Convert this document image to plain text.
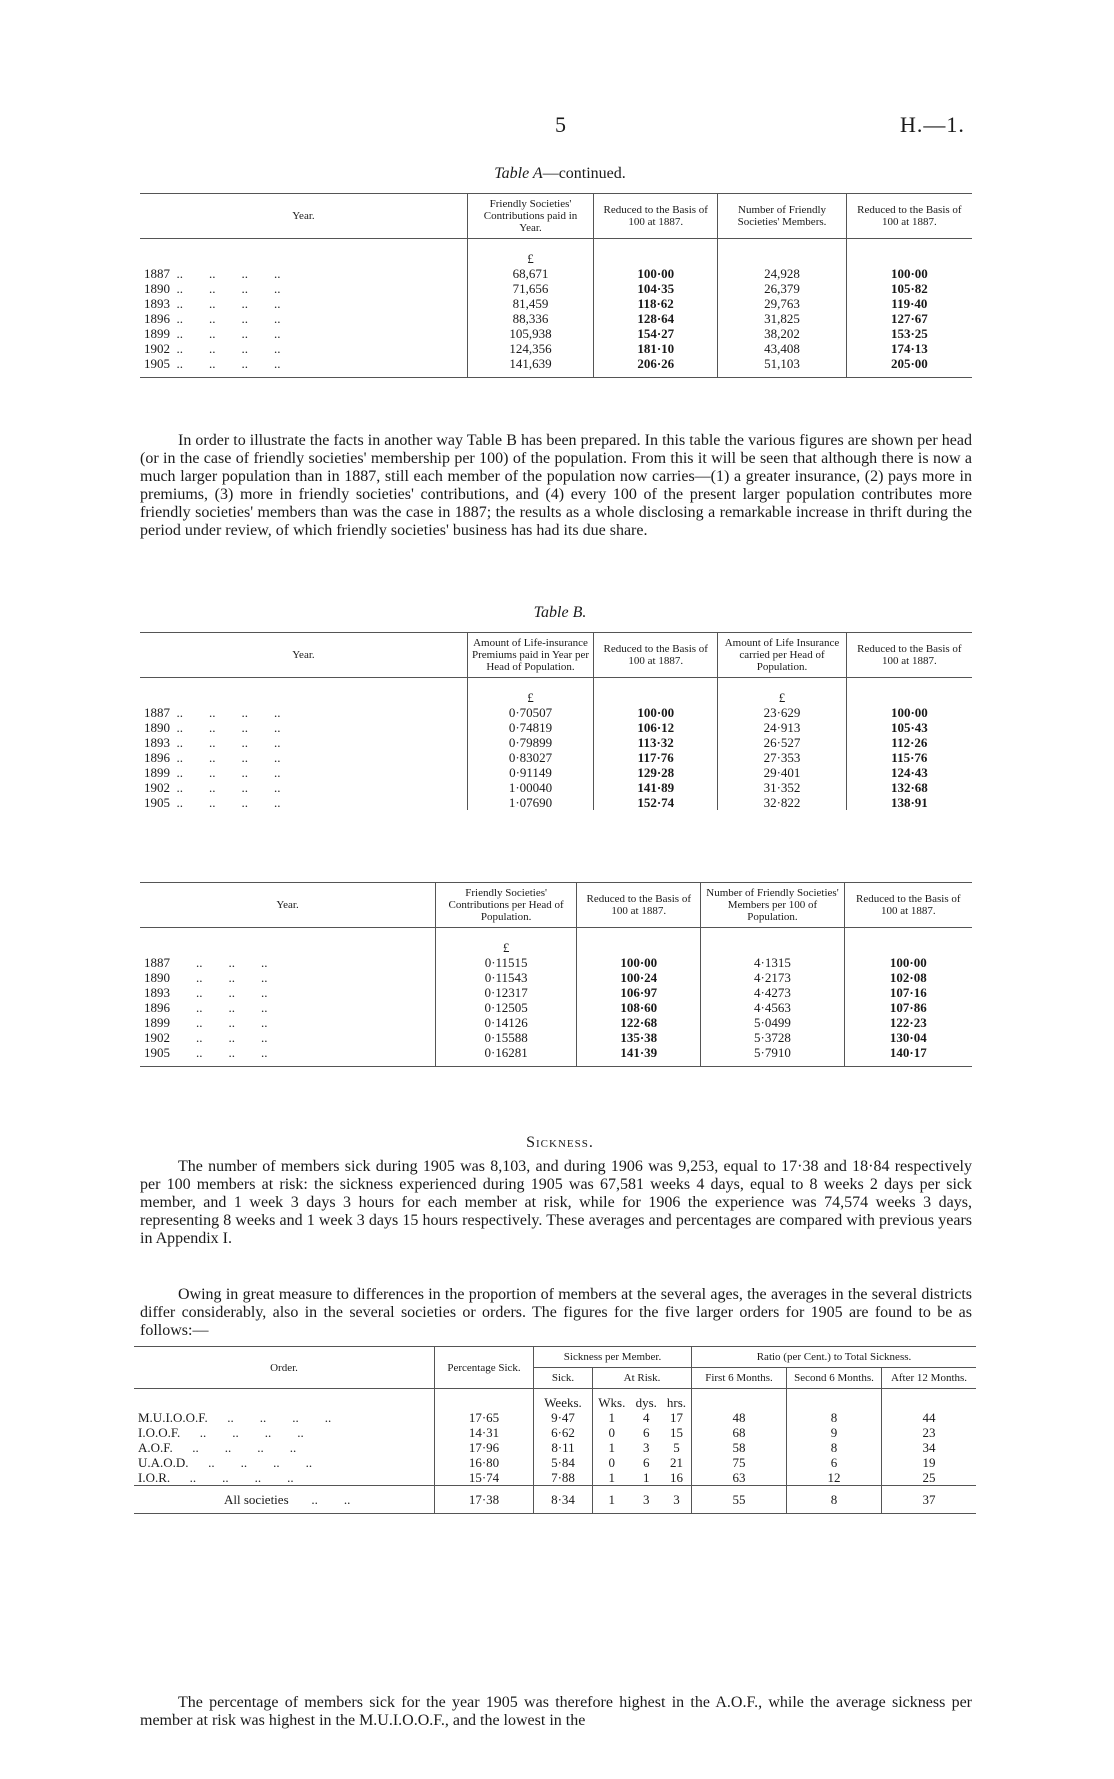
5	H.—1.
Table A—continued.
Year.	Friendly Societies' Contributions paid in Year.	Reduced to the Basis of 100 at 1887.	Number of Friendly Societies' Members.	Reduced to the Basis of 100 at 1887.
	£			
1887  ..        ..        ..        ..	68,671	100·00	24,928	100·00
1890  ..        ..        ..        ..	71,656	104·35	26,379	105·82
1893  ..        ..        ..        ..	81,459	118·62	29,763	119·40
1896  ..        ..        ..        ..	88,336	128·64	31,825	127·67
1899  ..        ..        ..        ..	105,938	154·27	38,202	153·25
1902  ..        ..        ..        ..	124,356	181·10	43,408	174·13
1905  ..        ..        ..        ..	141,639	206·26	51,103	205·00

In order to illustrate the facts in another way Table B has been prepared. In this table the various figures are shown per head (or in the case of friendly societies' membership per 100) of the population. From this it will be seen that although there is now a much larger population than in 1887, still each member of the population now carries—(1) a greater insurance, (2) pays more in premiums, (3) more in friendly societies' contributions, and (4) every 100 of the present larger population contributes more friendly societies' members than was the case in 1887; the results as a whole disclosing a remarkable increase in thrift during the period under review, of which friendly societies' business has had its due share.

Table B.
Year.	Amount of Life-insurance Premiums paid in Year per Head of Population.	Reduced to the Basis of 100 at 1887.	Amount of Life Insurance carried per Head of Population.	Reduced to the Basis of 100 at 1887.
	£		£	
1887  ..        ..        ..        ..	0·70507	100·00	23·629	100·00
1890  ..        ..        ..        ..	0·74819	106·12	24·913	105·43
1893  ..        ..        ..        ..	0·79899	113·32	26·527	112·26
1896  ..        ..        ..        ..	0·83027	117·76	27·353	115·76
1899  ..        ..        ..        ..	0·91149	129·28	29·401	124·43
1902  ..        ..        ..        ..	1·00040	141·89	31·352	132·68
1905  ..        ..        ..        ..	1·07690	152·74	32·822	138·91
Year.	Friendly Societies' Contributions per Head of Population.	Reduced to the Basis of 100 at 1887.	Number of Friendly Societies' Members per 100 of Population.	Reduced to the Basis of 100 at 1887.
	£			
1887        ..        ..        ..	0·11515	100·00	4·1315	100·00
1890        ..        ..        ..	0·11543	100·24	4·2173	102·08
1893        ..        ..        ..	0·12317	106·97	4·4273	107·16
1896        ..        ..        ..	0·12505	108·60	4·4563	107·86
1899        ..        ..        ..	0·14126	122·68	5·0499	122·23
1902        ..        ..        ..	0·15588	135·38	5·3728	130·04
1905        ..        ..        ..	0·16281	141·39	5·7910	140·17
Sickness.

The number of members sick during 1905 was 8,103, and during 1906 was 9,253, equal to 17·38 and 18·84 respectively per 100 members at risk: the sickness experienced during 1905 was 67,581 weeks 4 days, equal to 8 weeks 2 days per sick member, and 1 week 3 days 3 hours for each member at risk, while for 1906 the experience was 74,574 weeks 3 days, representing 8 weeks and 1 week 3 days 15 hours respectively. These averages and percentages are compared with previous years in Appendix I.

Owing in great measure to differences in the proportion of members at the several ages, the averages in the several districts differ considerably, also in the several societies or orders. The figures for the five larger orders for 1905 are found to be as follows:—

Order.	Percentage Sick.	Sickness per Member.				Ratio (per Cent.) to Total Sickness.		
		Sick.	At Risk.			First 6 Months.	Second 6 Months.	After 12 Months.
		Weeks.	Wks.	dys.	hrs.			
M.U.I.O.O.F.      ..        ..        ..        ..	17·65	9·47	1	4	17	48	8	44
I.O.O.F.      ..        ..        ..        ..	14·31	6·62	0	6	15	68	9	23
A.O.F.      ..        ..        ..        ..	17·96	8·11	1	3	5	58	8	34
U.A.O.D.      ..        ..        ..        ..	16·80	5·84	0	6	21	75	6	19
I.O.R.      ..        ..        ..        ..	15·74	7·88	1	1	16	63	12	25
All societies       ..        ..	17·38	8·34	1	3	3	55	8	37

The percentage of members sick for the year 1905 was therefore highest in the A.O.F., while the average sickness per member at risk was highest in the M.U.I.O.O.F., and the lowest in the
